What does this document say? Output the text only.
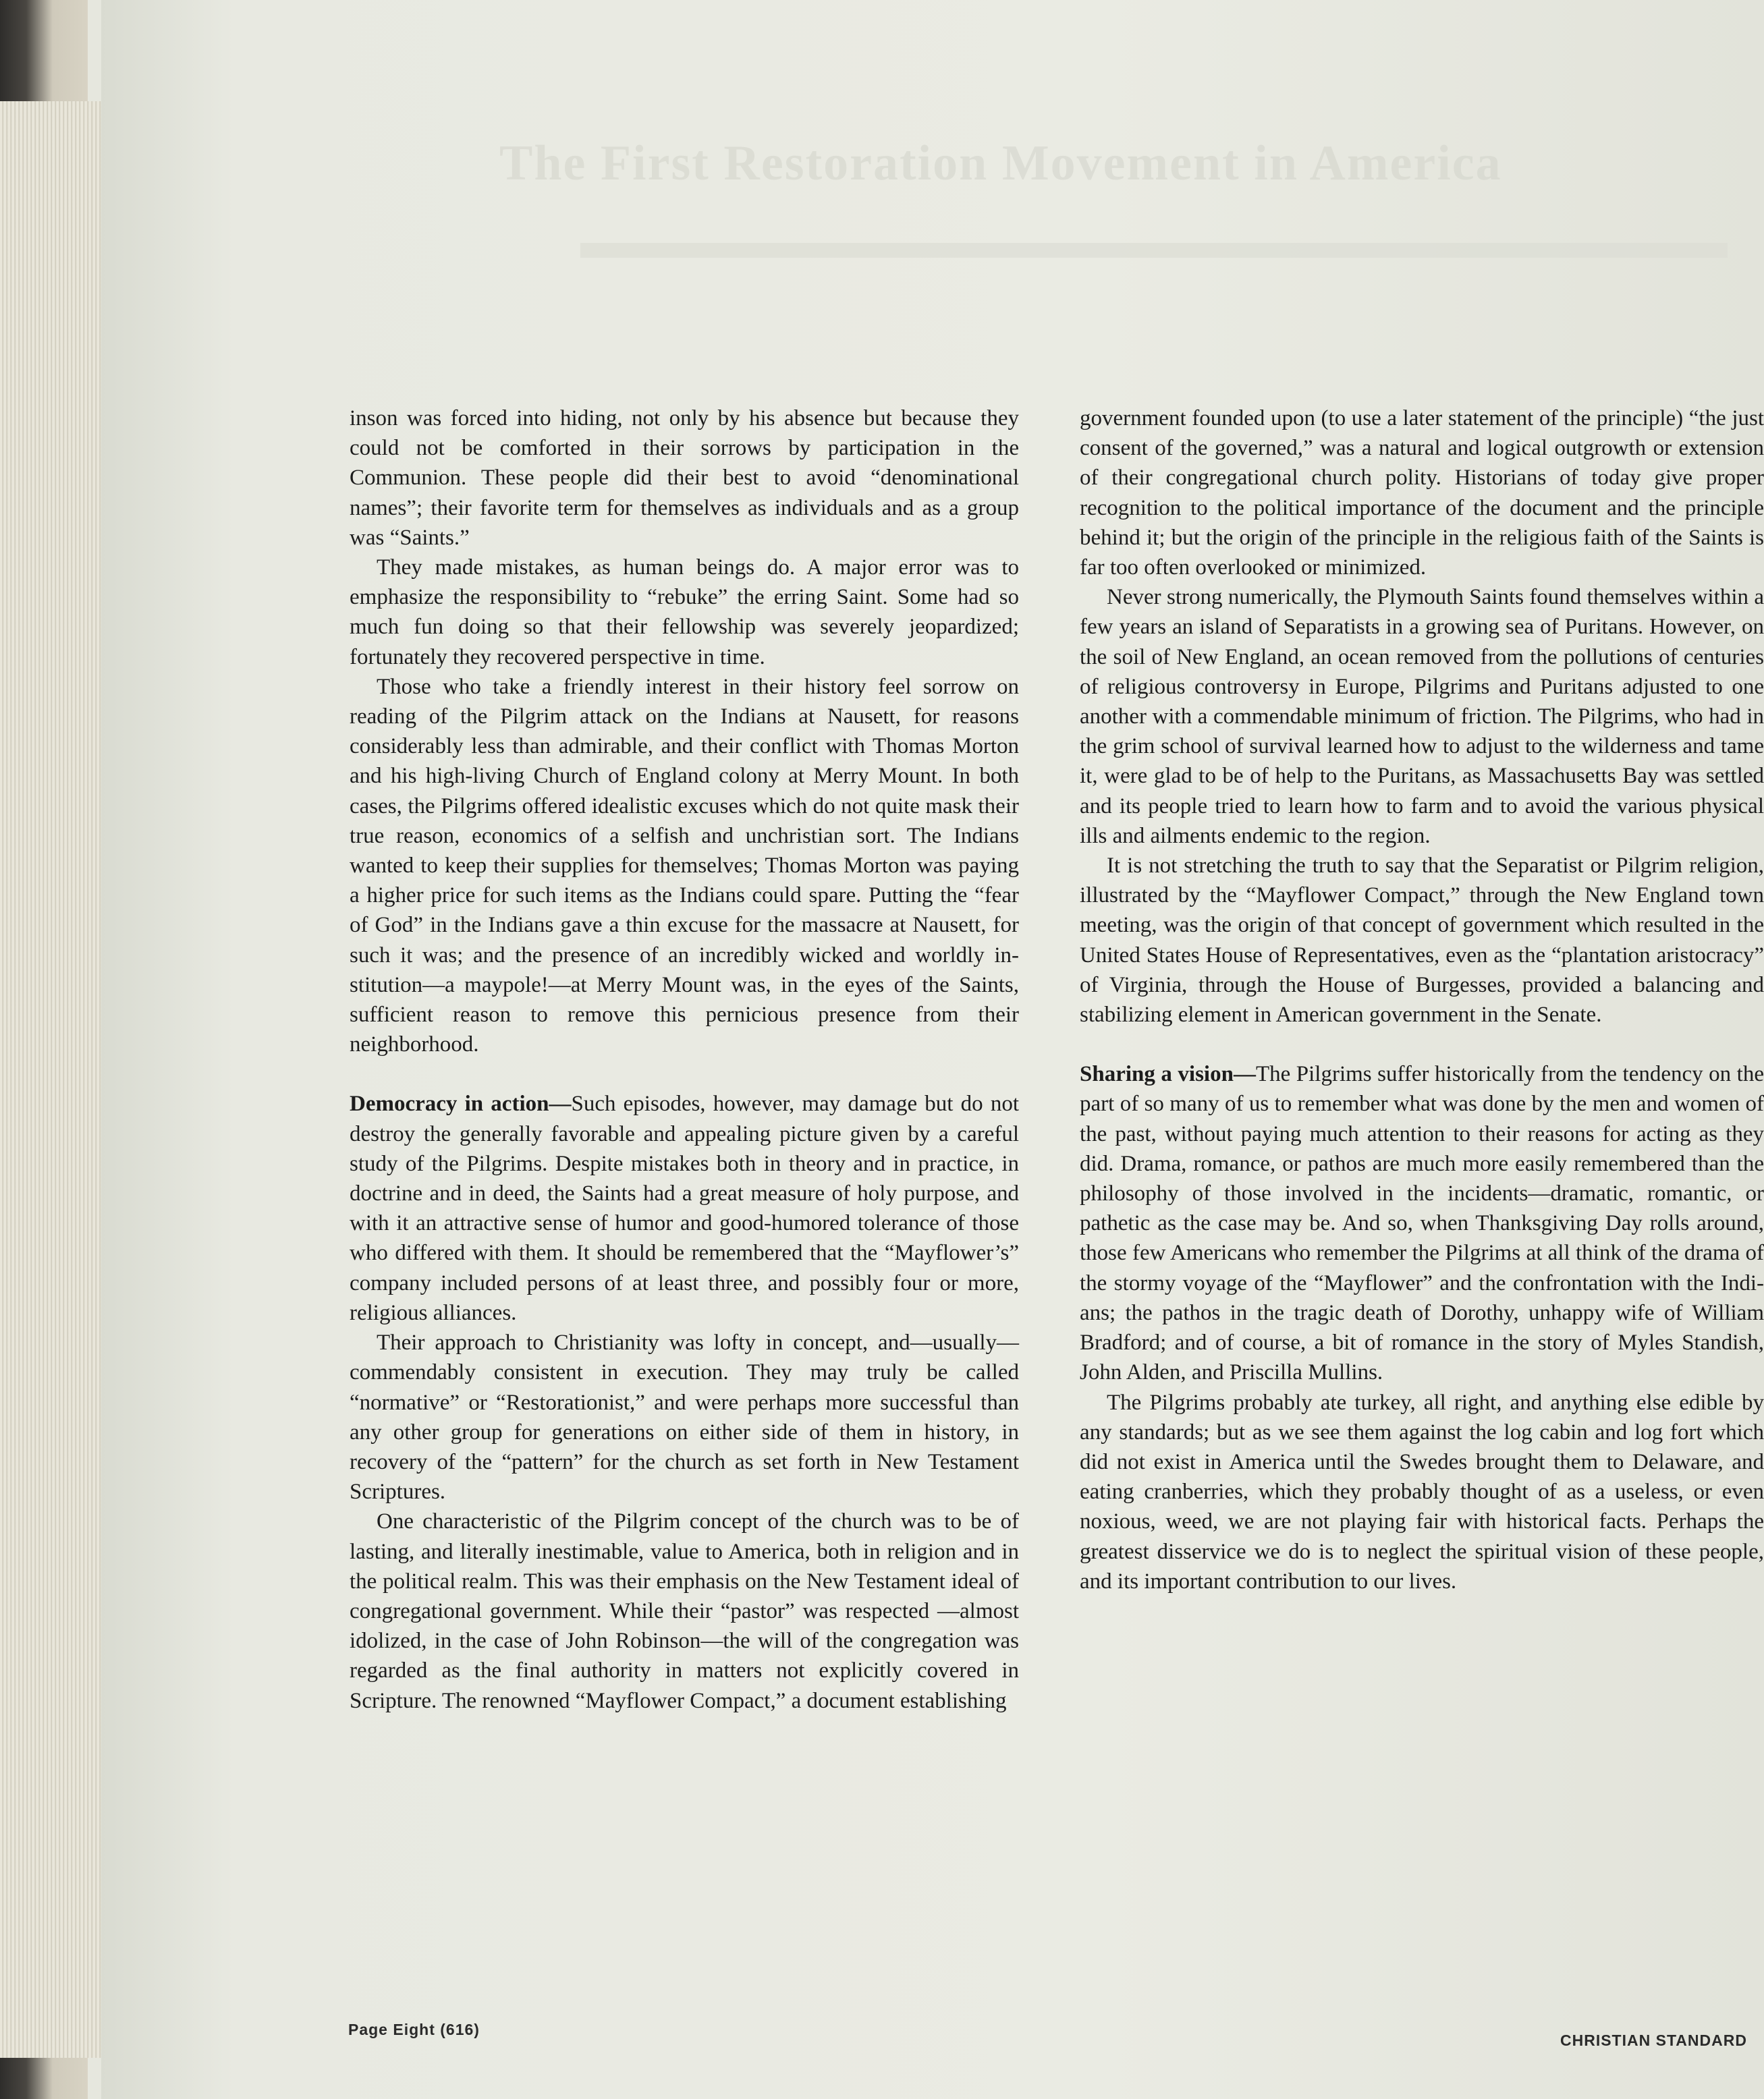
The First Restoration Movement in America

inson was forced into hiding, not only by his absence but because they could not be comforted in their sorrows by participation in the Communion. These people did their best to avoid “denominational names”; their favorite term for themselves as individuals and as a group was “Saints.”

They made mistakes, as human beings do. A major error was to emphasize the responsibility to “rebuke” the erring Saint. Some had so much fun doing so that their fellowship was severely jeopardized; fortunately they recovered perspective in time.

Those who take a friendly interest in their history feel sorrow on reading of the Pilgrim attack on the Indians at Nausett, for reasons considerably less than admirable, and their conflict with Thomas Morton and his high-living Church of England colony at Merry Mount. In both cases, the Pilgrims offered idealistic excuses which do not quite mask their true reason, economics of a selfish and unchristian sort. The Indians wanted to keep their supplies for themselves; Thomas Morton was paying a higher price for such items as the Indians could spare. Putting the “fear of God” in the Indians gave a thin excuse for the massacre at Nausett, for such it was; and the presence of an incredibly wicked and worldly institution—a maypole!—at Merry Mount was, in the eyes of the Saints, sufficient reason to remove this pernicious presence from their neighborhood.

Democracy in action—Such episodes, however, may damage but do not destroy the generally favorable and appealing picture given by a careful study of the Pilgrims. Despite mistakes both in theory and in practice, in doctrine and in deed, the Saints had a great measure of holy purpose, and with it an attractive sense of humor and good-humored tolerance of those who differed with them. It should be remembered that the “Mayflower’s” company included persons of at least three, and possibly four or more, religious alliances.

Their approach to Christianity was lofty in concept, and—usually—commendably consistent in execution. They may truly be called “normative” or “Restorationist,” and were perhaps more successful than any other group for generations on either side of them in history, in recovery of the “pattern” for the church as set forth in New Testament Scriptures.

One characteristic of the Pilgrim concept of the church was to be of lasting, and literally inestimable, value to America, both in religion and in the political realm. This was their emphasis on the New Testament ideal of congregational government. While their “pastor” was respected —almost idolized, in the case of John Robinson—the will of the congregation was regarded as the final authority in matters not explicitly covered in Scripture. The renowned “Mayflower Compact,” a document establishing

government founded upon (to use a later statement of the principle) “the just consent of the governed,” was a natural and logical outgrowth or extension of their congregational church polity. Historians of today give proper recognition to the political importance of the document and the principle behind it; but the origin of the principle in the religious faith of the Saints is far too often overlooked or minimized.

Never strong numerically, the Plymouth Saints found themselves within a few years an island of Separatists in a growing sea of Puritans. However, on the soil of New England, an ocean removed from the pollutions of centuries of religious controversy in Europe, Pilgrims and Puritans adjusted to one another with a commendable minimum of friction. The Pilgrims, who had in the grim school of survival learned how to adjust to the wilderness and tame it, were glad to be of help to the Puritans, as Massachusetts Bay was settled and its people tried to learn how to farm and to avoid the various physical ills and ailments endemic to the region.

It is not stretching the truth to say that the Separatist or Pilgrim religion, illustrated by the “Mayflower Compact,” through the New England town meeting, was the origin of that concept of government which resulted in the United States House of Representatives, even as the “plantation aristocracy” of Virginia, through the House of Burgesses, provided a balancing and stabilizing element in American government in the Senate.

Sharing a vision—The Pilgrims suffer historically from the tendency on the part of so many of us to remember what was done by the men and women of the past, without paying much attention to their reasons for acting as they did. Drama, romance, or pathos are much more easily remembered than the philosophy of those involved in the incidents—dramatic, romantic, or pathetic as the case may be. And so, when Thanksgiving Day rolls around, those few Americans who remember the Pilgrims at all think of the drama of the stormy voyage of the “Mayflower” and the confrontation with the Indians; the pathos in the tragic death of Dorothy, unhappy wife of William Bradford; and of course, a bit of romance in the story of Myles Standish, John Alden, and Priscilla Mullins.

The Pilgrims probably ate turkey, all right, and anything else edible by any standards; but as we see them against the log cabin and log fort which did not exist in America until the Swedes brought them to Delaware, and eating cranberries, which they probably thought of as a useless, or even noxious, weed, we are not playing fair with historical facts. Perhaps the greatest disservice we do is to neglect the spiritual vision of these people, and its important contribution to our lives.

Page Eight (616)
CHRISTIAN STANDARD
